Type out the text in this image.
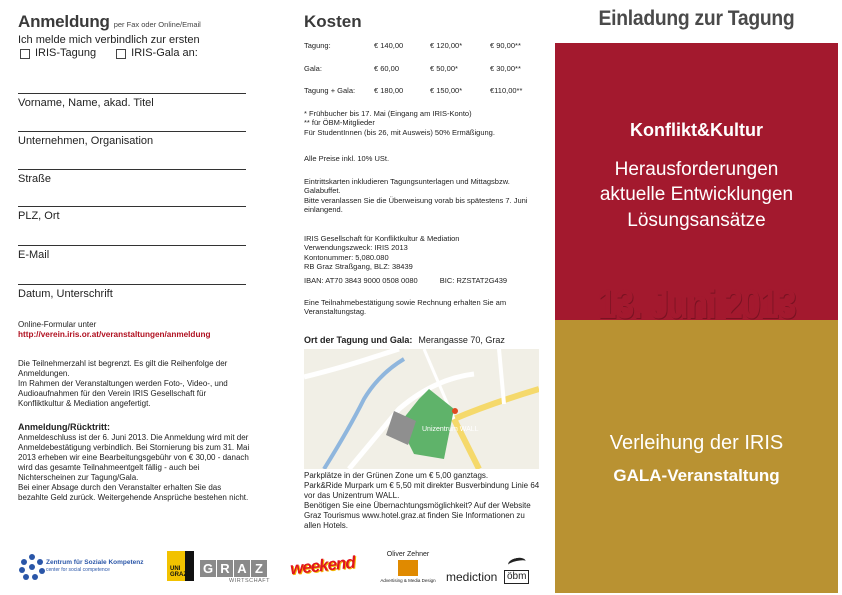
Anmeldung per Fax oder Online/Email
Ich melde mich verbindlich zur ersten
IRIS-Tagung	IRIS-Gala an:
Vorname, Name, akad. Titel
Unternehmen, Organisation
Straße
PLZ, Ort
E-Mail
Datum, Unterschrift
Online-Formular unter
http://verein.iris.or.at/veranstaltungen/anmeldung
Die Teilnehmerzahl ist begrenzt. Es gilt die Reihenfolge der Anmeldungen.
Im Rahmen der Veranstaltungen werden Foto-, Video-, und Audioaufnahmen für den Verein IRIS Gesellschaft für Konfliktkultur & Mediation angefertigt.
Anmeldung/Rücktritt:
Anmeldeschluss ist der 6. Juni 2013. Die Anmeldung wird mit der Anmeldebestätigung verbindlich. Bei Stornierung bis zum 31. Mai 2013 erheben wir eine Bearbeitungsgebühr von € 30,00 - danach wird das gesamte Teilnahmeentgelt fällig - auch bei Nichterscheinen zur Tagung/Gala.
Bei einer Absage durch den Veranstalter erhalten Sie das bezahlte Geld zurück. Weitergehende Ansprüche bestehen nicht.
Zentrum für Soziale Kompetenz
center for social competence	UNI GRAZ	G R A Z
WIRTSCHAFT
Kosten
Tagung:	€ 140,00	€ 120,00*	€ 90,00**
Gala:	€ 60,00	€ 50,00*	€ 30,00**
Tagung + Gala:	€ 180,00	€ 150,00*	€110,00**
* Frühbucher bis 17. Mai (Eingang am IRIS-Konto)
** für ÖBM-Mitglieder
Für StudentInnen (bis 26, mit Ausweis) 50% Ermäßigung.
Alle Preise inkl. 10% USt.
Eintrittskarten inkludieren Tagungsunterlagen und Mittagsbzw. Galabuffet.
Bitte veranlassen Sie die Überweisung vorab bis spätestens 7. Juni einlangend.
IRIS Gesellschaft für Konfliktkultur & Mediation
Verwendungszweck: IRIS 2013
Kontonummer: 5,080.080
RB Graz Straßgang, BLZ: 38439
IBAN: AT70 3843 9000 0508 0080	BIC: RZSTAT2G439
Eine Teilnahmebestätigung sowie Rechnung erhalten Sie am Veranstaltungstag.
Ort der Tagung und Gala: Merangasse 70, Graz
Unizentrum WALL
Parkplätze in der Grünen Zone um € 5,00 ganztags.
Park&Ride Murpark um € 5,50 mit direkter Busverbindung Linie 64 vor das Unizentrum WALL.
Benötigen Sie eine Übernachtungsmöglichkeit? Auf der Website Graz Tourismus www.hotel.graz.at finden Sie Informationen zu allen Hotels.
weekend	Oliver Zehner
Advertising & Media Design mediction öbm
Einladung zur Tagung
Konflikt&Kultur
Herausforderungen
aktuelle Entwicklungen
Lösungsansätze
13. Juni 2013
Verleihung der IRIS
GALA-Veranstaltung
